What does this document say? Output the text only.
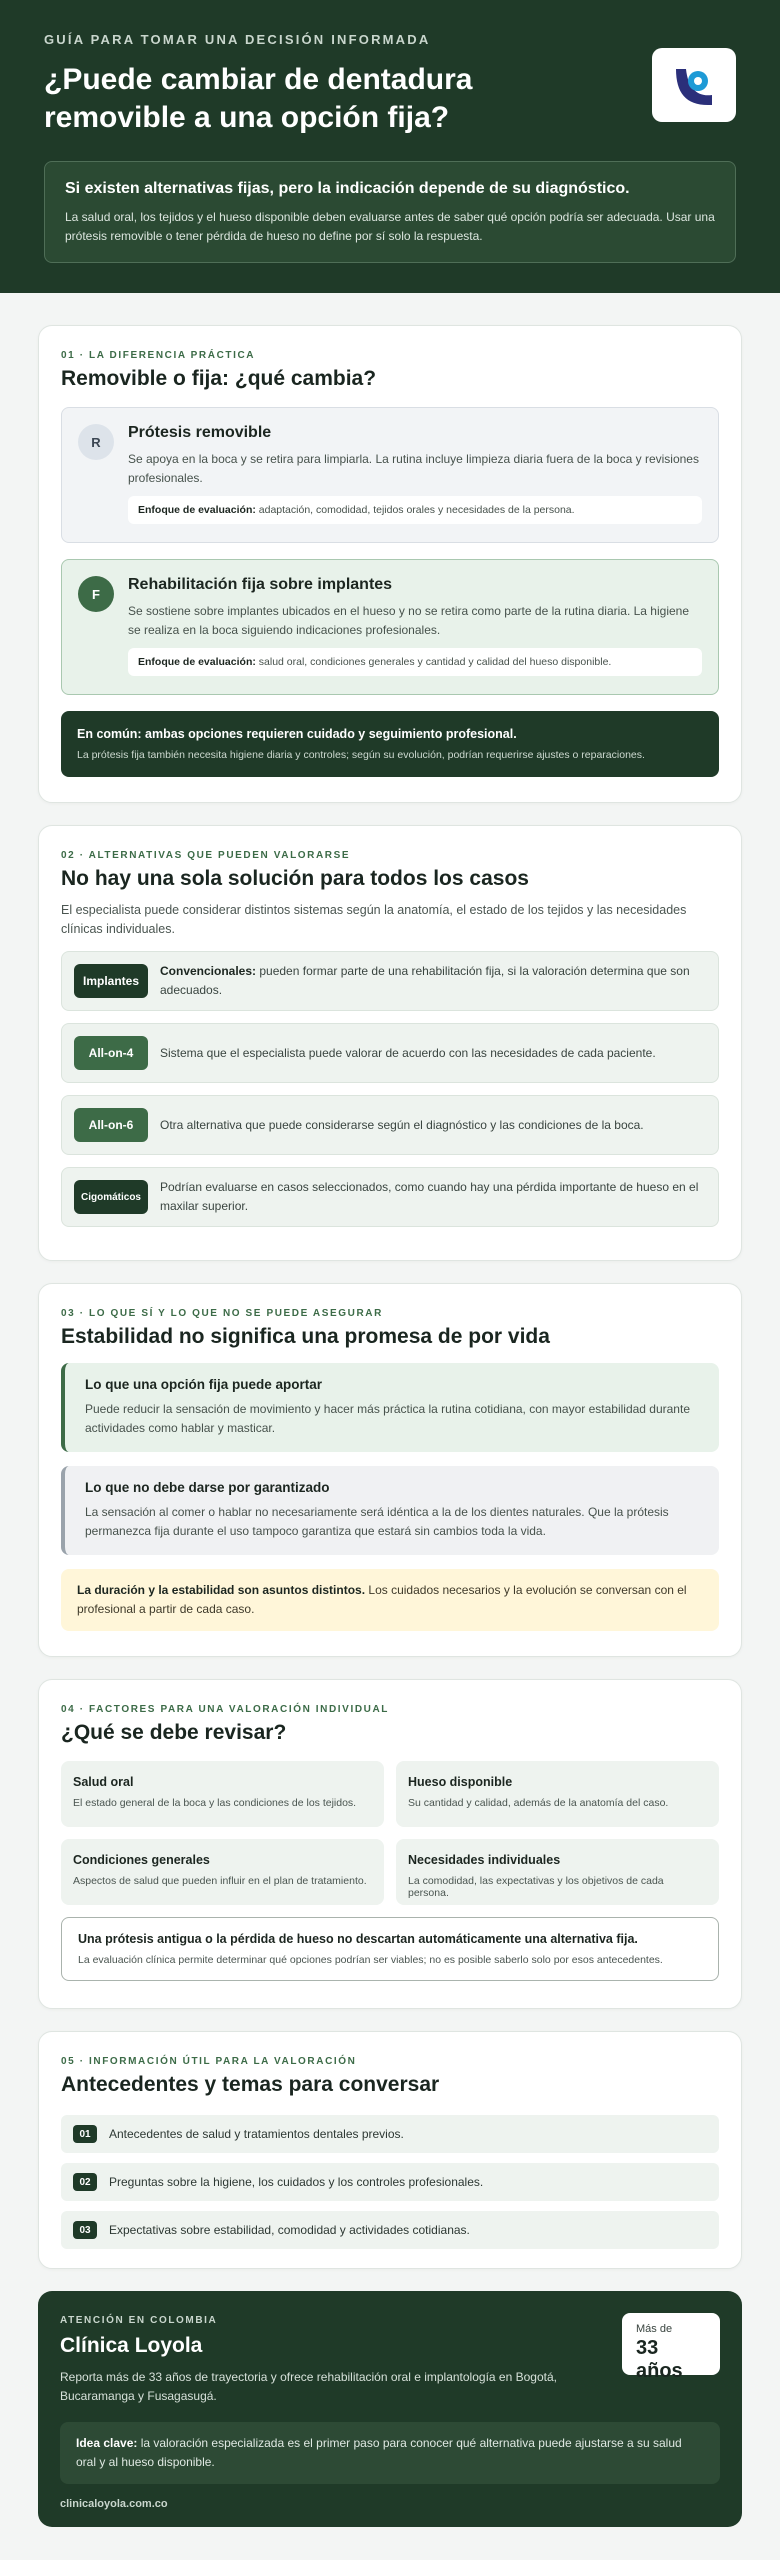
GUÍA PARA TOMAR UNA DECISIÓN INFORMADA
¿Puede cambiar de dentadura removible a una opción fija?
Si existen alternativas fijas, pero la indicación depende de su diagnóstico.

La salud oral, los tejidos y el hueso disponible deben evaluarse antes de saber qué opción podría ser adecuada. Usar una prótesis removible o tener pérdida de hueso no define por sí solo la respuesta.

01 · LA DIFERENCIA PRÁCTICA
Removible o fija: ¿qué cambia?
R
Prótesis removible

Se apoya en la boca y se retira para limpiarla. La rutina incluye limpieza diaria fuera de la boca y revisiones profesionales.

Enfoque de evaluación: adaptación, comodidad, tejidos orales y necesidades de la persona.
F
Rehabilitación fija sobre implantes

Se sostiene sobre implantes ubicados en el hueso y no se retira como parte de la rutina diaria. La higiene se realiza en la boca siguiendo indicaciones profesionales.

Enfoque de evaluación: salud oral, condiciones generales y cantidad y calidad del hueso disponible.
En común: ambas opciones requieren cuidado y seguimiento profesional.
La prótesis fija también necesita higiene diaria y controles; según su evolución, podrían requerirse ajustes o reparaciones.
02 · ALTERNATIVAS QUE PUEDEN VALORARSE
No hay una sola solución para todos los casos

El especialista puede considerar distintos sistemas según la anatomía, el estado de los tejidos y las necesidades clínicas individuales.

Implantes
Convencionales: pueden formar parte de una rehabilitación fija, si la valoración determina que son adecuados.
All-on-4	Sistema que el especialista puede valorar de acuerdo con las necesidades de cada paciente.
All-on-6	Otra alternativa que puede considerarse según el diagnóstico y las condiciones de la boca.
Cigomáticos
Podrían evaluarse en casos seleccionados, como cuando hay una pérdida importante de hueso en el maxilar superior.
03 · LO QUE SÍ Y LO QUE NO SE PUEDE ASEGURAR
Estabilidad no significa una promesa de por vida
Lo que una opción fija puede aportar

Puede reducir la sensación de movimiento y hacer más práctica la rutina cotidiana, con mayor estabilidad durante actividades como hablar y masticar.

Lo que no debe darse por garantizado

La sensación al comer o hablar no necesariamente será idéntica a la de los dientes naturales. Que la prótesis permanezca fija durante el uso tampoco garantiza que estará sin cambios toda la vida.

La duración y la estabilidad son asuntos distintos. Los cuidados necesarios y la evolución se conversan con el profesional a partir de cada caso.
04 · FACTORES PARA UNA VALORACIÓN INDIVIDUAL
¿Qué se debe revisar?
Salud oral
El estado general de la boca y las condiciones de los tejidos.
Hueso disponible
Su cantidad y calidad, además de la anatomía del caso.
Condiciones generales
Aspectos de salud que pueden influir en el plan de tratamiento.
Necesidades individuales
La comodidad, las expectativas y los objetivos de cada persona.
Una prótesis antigua o la pérdida de hueso no descartan automáticamente una alternativa fija.
La evaluación clínica permite determinar qué opciones podrían ser viables; no es posible saberlo solo por esos antecedentes.
05 · INFORMACIÓN ÚTIL PARA LA VALORACIÓN
Antecedentes y temas para conversar
01	Antecedentes de salud y tratamientos dentales previos.
02	Preguntas sobre la higiene, los cuidados y los controles profesionales.
03	Expectativas sobre estabilidad, comodidad y actividades cotidianas.
ATENCIÓN EN COLOMBIA
Clínica Loyola

Reporta más de 33 años de trayectoria y ofrece rehabilitación oral e implantología en Bogotá, Bucaramanga y Fusagasugá.

Más de
33 años
Idea clave: la valoración especializada es el primer paso para conocer qué alternativa puede ajustarse a su salud oral y al hueso disponible.
clinicaloyola.com.co
